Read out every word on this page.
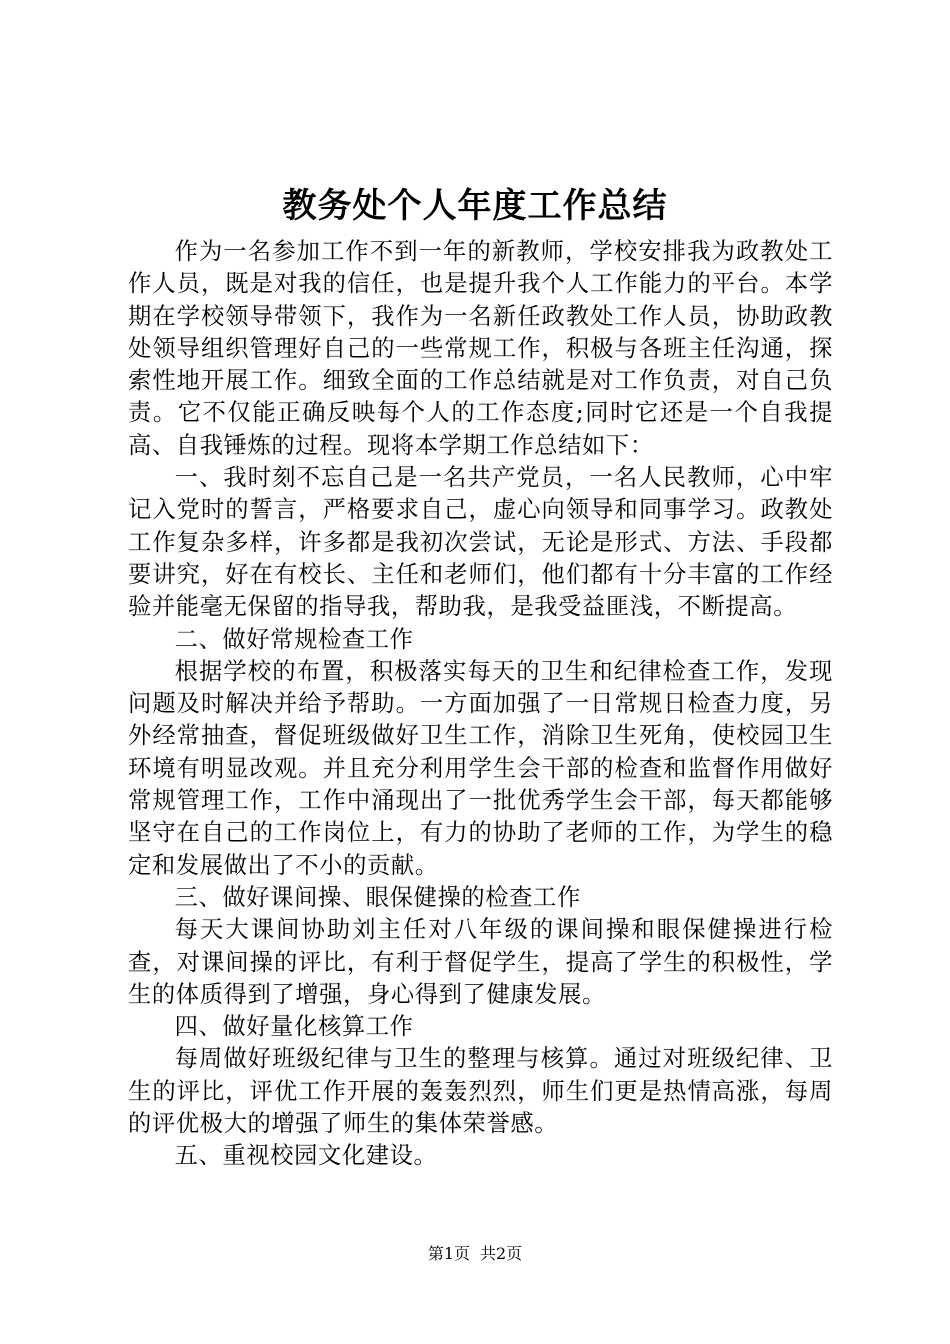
教务处个人年度工作总结

作为一名参加工作不到一年的新教师，学校安排我为政教处工作人员，既是对我的信任，也是提升我个人工作能力的平台。本学期在学校领导带领下，我作为一名新任政教处工作人员，协助政教处领导组织管理好自己的一些常规工作，积极与各班主任沟通，探索性地开展工作。细致全面的工作总结就是对工作负责，对自己负责。它不仅能正确反映每个人的工作态度;同时它还是一个自我提高、自我锤炼的过程。现将本学期工作总结如下：

一、我时刻不忘自己是一名共产党员，一名人民教师，心中牢记入党时的誓言，严格要求自己，虚心向领导和同事学习。政教处工作复杂多样，许多都是我初次尝试，无论是形式、方法、手段都要讲究，好在有校长、主任和老师们，他们都有十分丰富的工作经验并能毫无保留的指导我，帮助我，是我受益匪浅，不断提高。

二、做好常规检查工作

根据学校的布置，积极落实每天的卫生和纪律检查工作，发现问题及时解决并给予帮助。一方面加强了一日常规日检查力度，另外经常抽查，督促班级做好卫生工作，消除卫生死角，使校园卫生环境有明显改观。并且充分利用学生会干部的检查和监督作用做好常规管理工作，工作中涌现出了一批优秀学生会干部，每天都能够坚守在自己的工作岗位上，有力的协助了老师的工作，为学生的稳定和发展做出了不小的贡献。

三、做好课间操、眼保健操的检查工作

每天大课间协助刘主任对八年级的课间操和眼保健操进行检查，对课间操的评比，有利于督促学生，提高了学生的积极性，学生的体质得到了增强，身心得到了健康发展。

四、做好量化核算工作

每周做好班级纪律与卫生的整理与核算。通过对班级纪律、卫生的评比，评优工作开展的轰轰烈烈，师生们更是热情高涨，每周的评优极大的增强了师生的集体荣誉感。

五、重视校园文化建设。

第1页 共2页
